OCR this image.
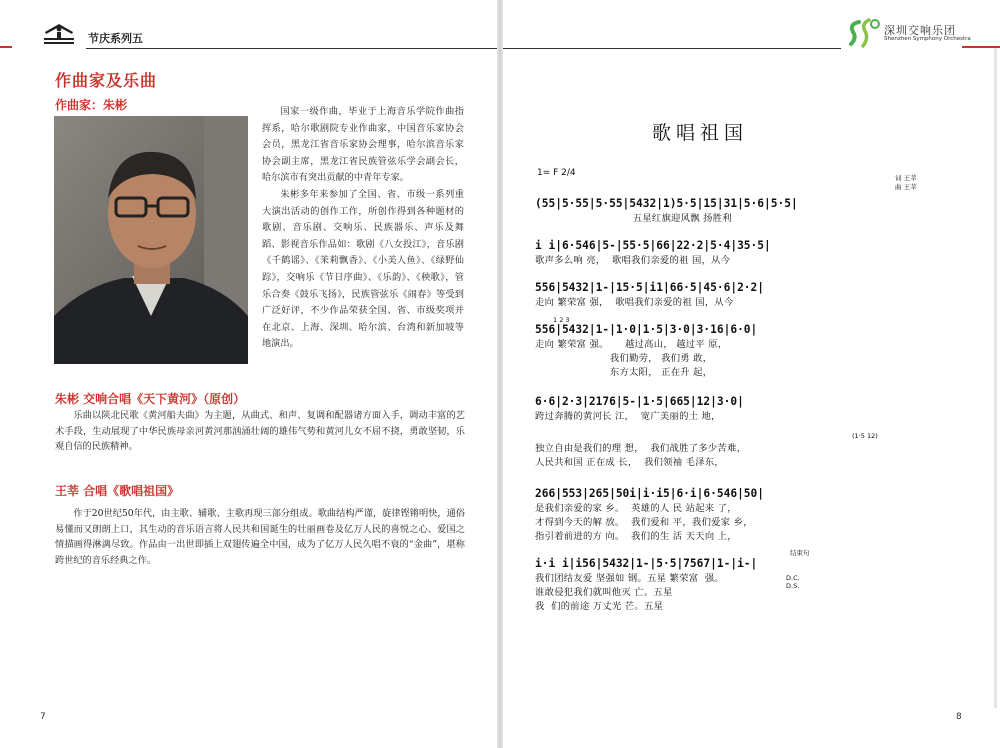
节庆系列五
作曲家及乐曲
作曲家：朱彬	国家一级作曲，毕业于上海音乐学院作曲指挥系，哈尔歌剧院专业作曲家，中国音乐家协会会员，黑龙江省音乐家协会理事，哈尔滨音乐家协会副主席，黑龙江省民族管弦乐学会副会长，哈尔滨市有突出贡献的中青年专家。

朱彬多年来参加了全国、省、市级一系列重大演出活动的创作工作，所创作得到各种题材的歌剧、音乐剧、交响乐、民族器乐、声乐及舞蹈、影视音乐作品如：歌剧《八女投江》，音乐剧《千鹤谣》、《茉莉飘香》、《小美人鱼》、《绿野仙踪》，交响乐《节日序曲》、《乐韵》、《秧歌》，管乐合奏《鼓乐飞扬》，民族管弦乐《闹春》等受到广泛好评，不少作品荣获全国、省、市级奖项并在北京、上海、深圳、哈尔滨、台湾和新加坡等地演出。

朱彬 交响合唱《天下黄河》（原创）
乐曲以陕北民歌《黄河船夫曲》为主题，从曲式、和声、复调和配器诸方面入手，调动丰富的艺术手段，生动展现了中华民族母亲河黄河那汹涌壮阔的雄伟气势和黄河儿女不屈不挠，勇敢坚韧，乐观自信的民族精神。
王莘 合唱《歌唱祖国》
作于20世纪50年代，由主歌、辅歌、主歌再现三部分组成。歌曲结构严谨，旋律铿锵明快，通俗易懂而又朗朗上口，其生动的音乐语言将人民共和国诞生的壮丽画卷及亿万人民的喜悦之心、爱国之情描画得淋漓尽致。作品由一出世即插上双翅传遍全中国，成为了亿万人民久唱不衰的“金曲”，堪称跨世纪的音乐经典之作。
7
深圳交响乐团
Shenzhen Symphony Orchestra
歌唱祖国
1= F 2/4	词 王莘
曲 王莘
(55|5·55|5·55|5432|1)5·5|15|31|5·6|5·5|
五星红旗迎风飘 扬胜利
i i|6·546|5-|55·5|66|22·2|5·4|35·5|
歌声多么响 亮，  歌唱我们亲爱的祖 国，从今
556|5432|1-|15·5|i1|66·5|45·6|2·2|
走向 繁荣富 强，  歌唱我们亲爱的祖 国，从今
1 2 3
556|5432|1-|1·0|1·5|3·0|3·16|6·0|
走向 繁荣富 强。     越过高山， 越过平 原，
我们勤劳， 我们勇 敢，
东方太阳， 正在升 起，
6·6|2·3|2176|5-|1·5|665|12|3·0|
跨过奔腾的黄河长 江，  宽广美丽的土 地，
(1·5 12)
独立自由是我们的理 想，  我们战胜了多少苦难，
人民共和国 正在成 长，  我们领袖 毛泽东，
266|553|265|50i|i·i5|6·i|6·546|50|
是我们亲爱的家 乡。  英雄的人 民 站起来 了，
才得到今天的解 放。  我们爱和 平，我们爱家 乡，
指引着前进的方 向。  我们的生 活 天天向 上，
结束句
i·i i|i56|5432|1-|5·5|7567|1-|i-|
我们团结友爱 坚强如 钢。五星 繁荣富  强。
谁敢侵犯我们就叫他灭 亡。五星
我  们的前途 万丈光 芒。五星
D.C.
D.S.
8
